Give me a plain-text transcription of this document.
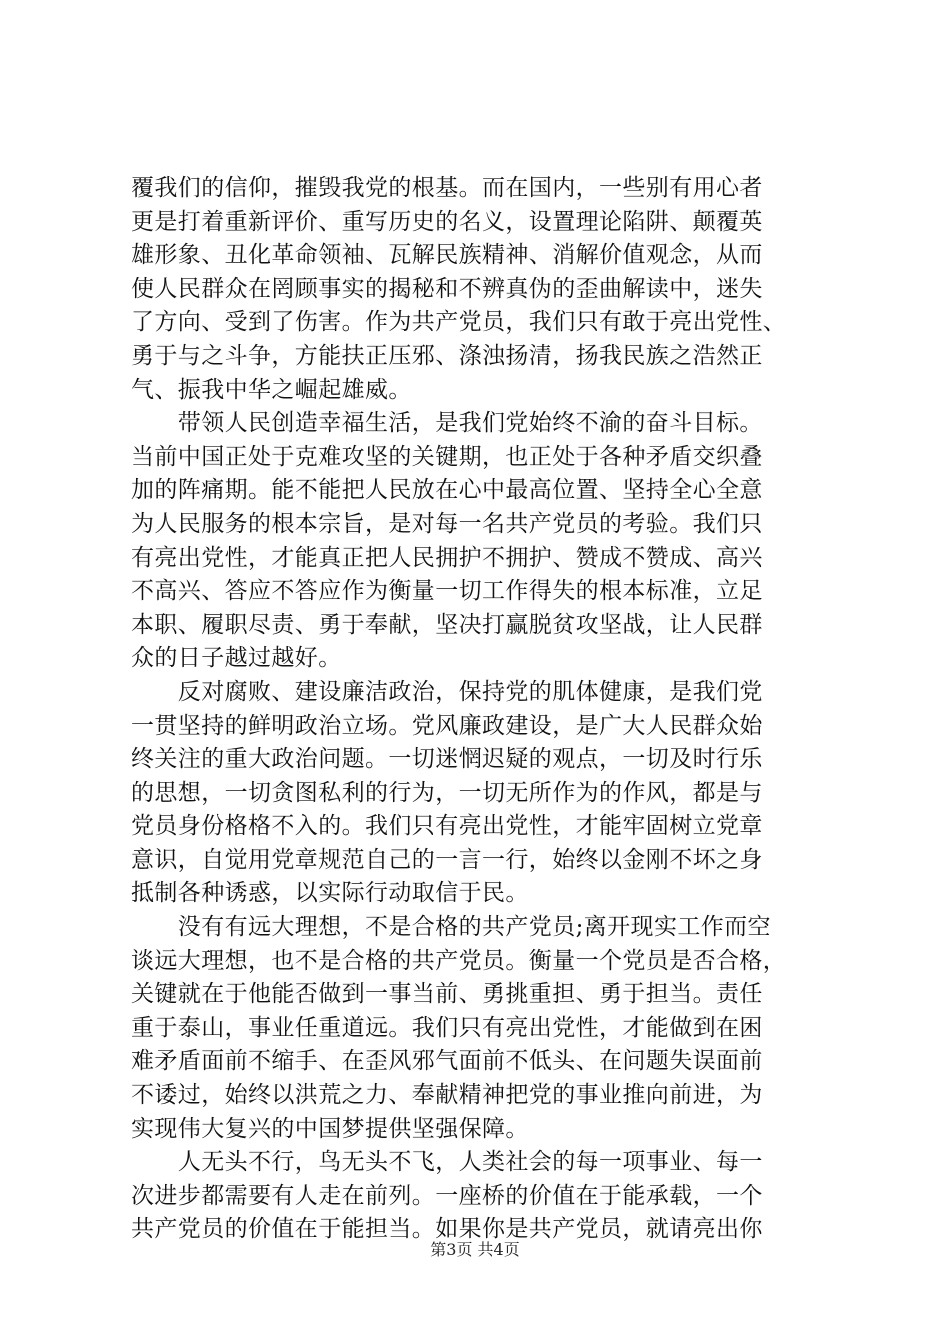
覆我们的信仰，摧毁我党的根基。而在国内，一些别有用心者
更是打着重新评价、重写历史的名义，设置理论陷阱、颠覆英
雄形象、丑化革命领袖、瓦解民族精神、消解价值观念，从而
使人民群众在罔顾事实的揭秘和不辨真伪的歪曲解读中，迷失
了方向、受到了伤害。作为共产党员，我们只有敢于亮出党性、
勇于与之斗争，方能扶正压邪、涤浊扬清，扬我民族之浩然正
气、振我中华之崛起雄威。
　　带领人民创造幸福生活，是我们党始终不渝的奋斗目标。
当前中国正处于克难攻坚的关键期，也正处于各种矛盾交织叠
加的阵痛期。能不能把人民放在心中最高位置、坚持全心全意
为人民服务的根本宗旨，是对每一名共产党员的考验。我们只
有亮出党性，才能真正把人民拥护不拥护、赞成不赞成、高兴
不高兴、答应不答应作为衡量一切工作得失的根本标准，立足
本职、履职尽责、勇于奉献，坚决打赢脱贫攻坚战，让人民群
众的日子越过越好。
　　反对腐败、建设廉洁政治，保持党的肌体健康，是我们党
一贯坚持的鲜明政治立场。党风廉政建设，是广大人民群众始
终关注的重大政治问题。一切迷惘迟疑的观点，一切及时行乐
的思想，一切贪图私利的行为，一切无所作为的作风，都是与
党员身份格格不入的。我们只有亮出党性，才能牢固树立党章
意识，自觉用党章规范自己的一言一行，始终以金刚不坏之身
抵制各种诱惑，以实际行动取信于民。
　　没有有远大理想，不是合格的共产党员;离开现实工作而空
谈远大理想，也不是合格的共产党员。衡量一个党员是否合格，
关键就在于他能否做到一事当前、勇挑重担、勇于担当。责任
重于泰山，事业任重道远。我们只有亮出党性，才能做到在困
难矛盾面前不缩手、在歪风邪气面前不低头、在问题失误面前
不诿过，始终以洪荒之力、奉献精神把党的事业推向前进，为
实现伟大复兴的中国梦提供坚强保障。
　　人无头不行，鸟无头不飞，人类社会的每一项事业、每一
次进步都需要有人走在前列。一座桥的价值在于能承载，一个
共产党员的价值在于能担当。如果你是共产党员，就请亮出你
第3页 共4页
